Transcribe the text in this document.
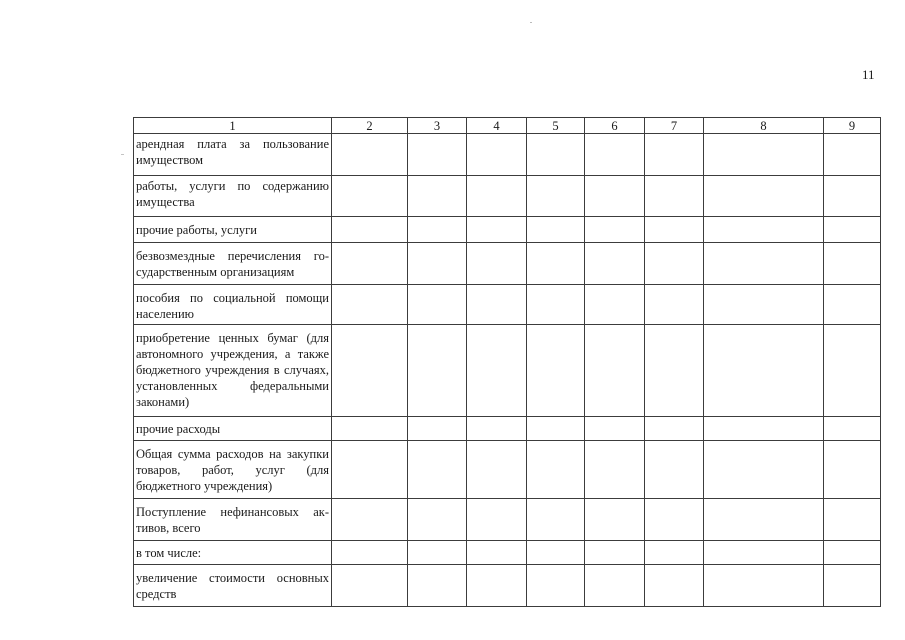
11
1	2	3	4	5	6	7	8	9
арендная плата за пользование имуществом								
работы, услуги по содержанию имущества								
прочие работы, услуги								
безвозмездные перечисления государственным организациям								
пособия по социальной помощи населению								
приобретение ценных бумаг (для автономного учреждения, а также бюджетного учреждения в случаях, установленных федеральными законами)								
прочие расходы								
Общая сумма расходов на закупки товаров, работ, услуг (для бюджетного учреждения)								
Поступление нефинансовых активов, всего								
в том числе:								
увеличение стоимости основных средств								
